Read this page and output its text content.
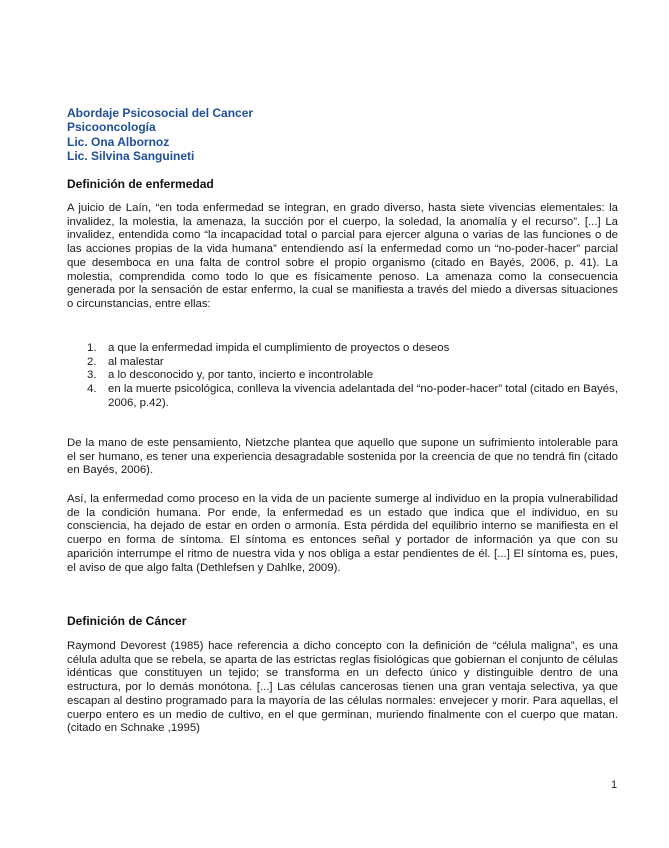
Abordaje Psicosocial del Cancer
Psicooncología
Lic. Ona Albornoz
Lic. Silvina Sanguineti
Definición de enfermedad
A juicio de Laín, “en toda enfermedad se integran, en grado diverso, hasta siete vivencias elementales: la invalidez, la molestia, la amenaza, la succión por el cuerpo, la soledad, la anomalía y el recurso”. [...] La invalidez, entendida como “la incapacidad total o parcial para ejercer alguna o varias de las funciones o de las acciones propias de la vida humana” entendiendo así la enfermedad como un “no-poder-hacer” parcial que desemboca en una falta de control sobre el propio organismo (citado en Bayés, 2006, p. 41). La molestia, comprendida como todo lo que es físicamente penoso. La amenaza como la consecuencia generada por la sensación de estar enfermo, la cual se manifiesta a través del miedo a diversas situaciones o circunstancias, entre ellas:
1. a que la enfermedad impida el cumplimiento de proyectos o deseos
2. al malestar
3. a lo desconocido y, por tanto, incierto e incontrolable
4. en la muerte psicológica, conlleva la vivencia adelantada del “no-poder-hacer” total (citado en Bayés, 2006, p.42).
De la mano de este pensamiento, Nietzche plantea que aquello que supone un sufrimiento intolerable para el ser humano, es tener una experiencia desagradable sostenida por la creencia de que no tendrá fin (citado en Bayés, 2006).
Así, la enfermedad como proceso en la vida de un paciente sumerge al individuo en la propia vulnerabilidad de la condición humana. Por ende, la enfermedad es un estado que indica que el individuo, en su consciencia, ha dejado de estar en orden o armonía. Esta pérdida del equilibrio interno se manifiesta en el cuerpo en forma de síntoma. El síntoma es entonces señal y portador de información ya que con su aparición interrumpe el ritmo de nuestra vida y nos obliga a estar pendientes de él. [...] El síntoma es, pues, el aviso de que algo falta (Dethlefsen y Dahlke, 2009).
Definición de Cáncer
Raymond Devorest (1985) hace referencia a dicho concepto con la definición de “célula maligna”, es una célula adulta que se rebela, se aparta de las estrictas reglas fisiológicas que gobiernan el conjunto de células idénticas que constituyen un tejido; se transforma en un defecto único y distinguible dentro de una estructura, por lo demás monótona. [...] Las células cancerosas tienen una gran ventaja selectiva, ya que escapan al destino programado para la mayoría de las células normales: envejecer y morir. Para aquellas, el cuerpo entero es un medio de cultivo, en el que germinan, muriendo finalmente con el cuerpo que matan. (citado en Schnake ,1995)
1
